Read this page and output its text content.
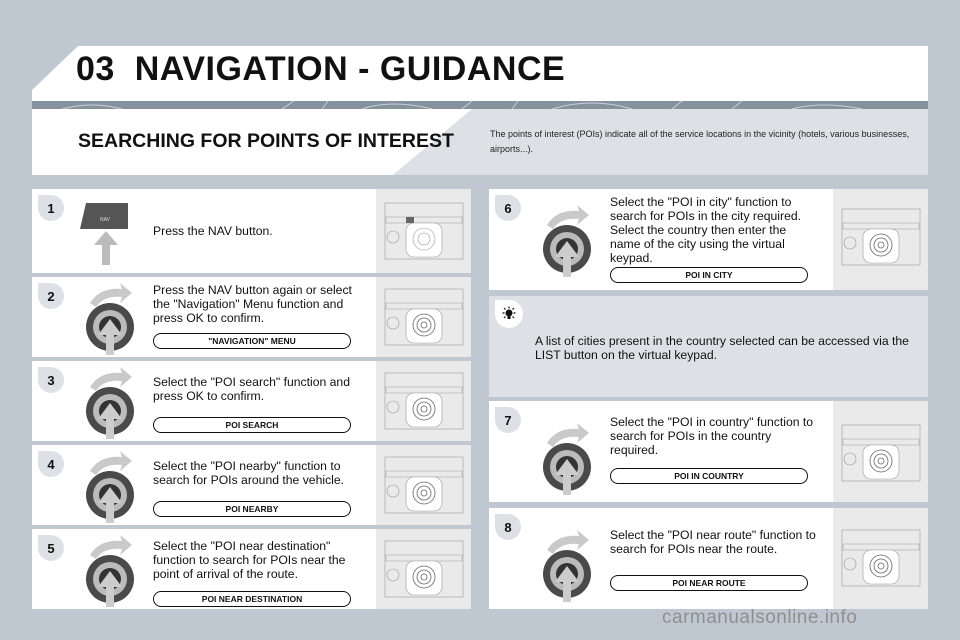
03 NAVIGATION - GUIDANCE
SEARCHING FOR POINTS OF INTEREST	The points of interest (POIs) indicate all of the service locations in the vicinity (hotels, various businesses, airports...).
1
NAV
Press the NAV button.
2	Press the NAV button again or select the "Navigation" Menu function and press OK to confirm.
"NAVIGATION" MENU
3	Select the "POI search" function and press OK to confirm.
POI SEARCH
4	Select the "POI nearby" function to search for POIs around the vehicle.
POI NEARBY
5	Select the "POI near destination" function to search for POIs near the point of arrival of the route.
POI NEAR DESTINATION
6	Select the "POI in city" function to search for POIs in the city required. Select the country then enter the name of the city using the virtual keypad.
POI IN CITY
A list of cities present in the country selected can be accessed via the LIST button on the virtual keypad.
7	Select the "POI in country" function to search for POIs in the country required.
POI IN COUNTRY
8
Select the "POI near route" function to search for POIs near the route.
POI NEAR ROUTE
carmanualsonline.info
